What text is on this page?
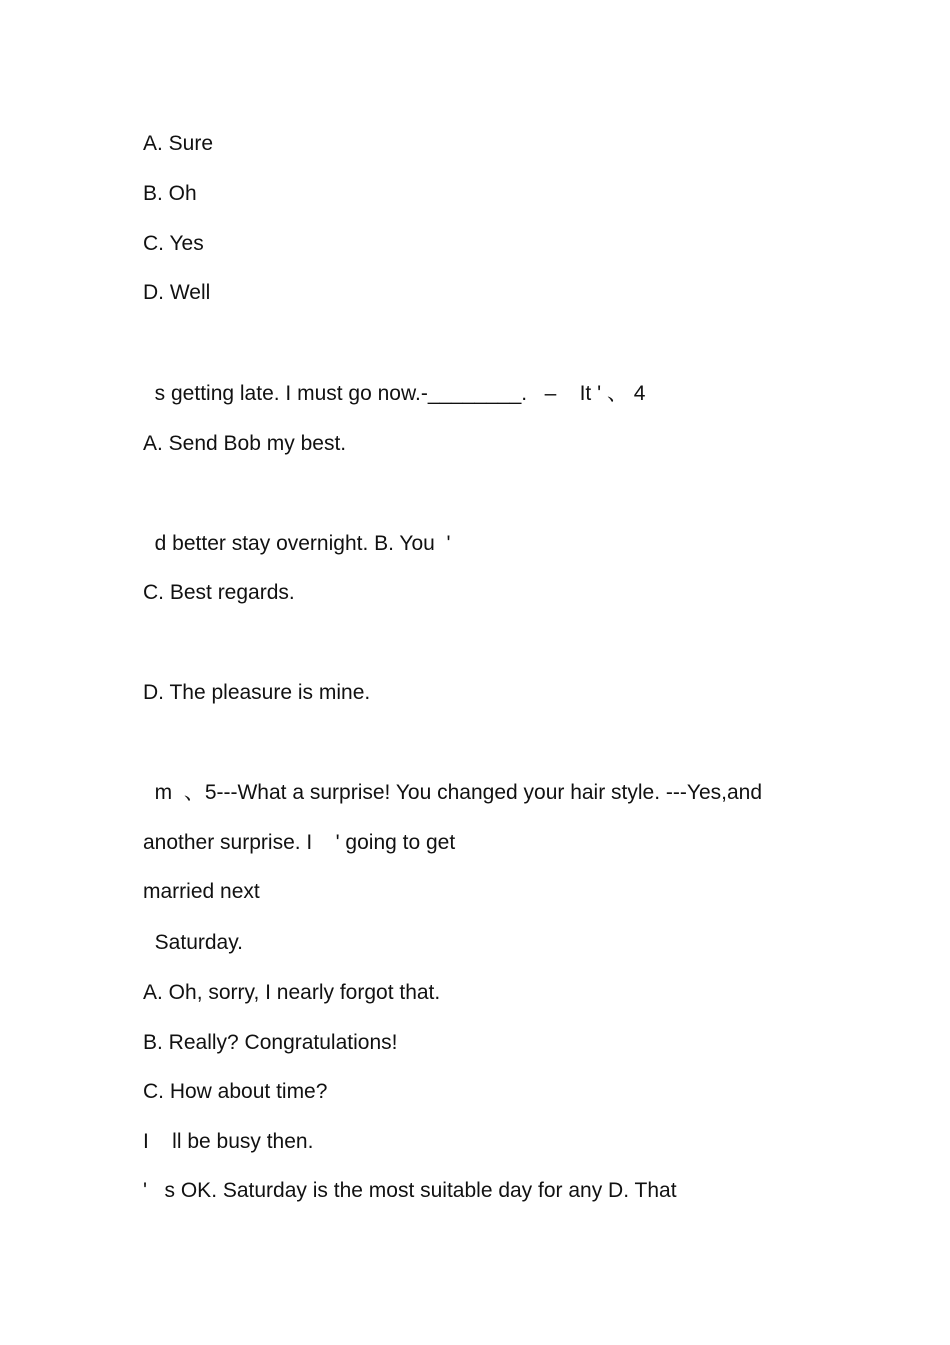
A. Sure
B. Oh
C. Yes
D. Well
s getting late. I must go now.-________.   –    It ' 、 4
A. Send Bob my best.
d better stay overnight. B. You  '
C. Best regards.
D. The pleasure is mine.
m  、5---What a surprise! You changed your hair style. ---Yes,and
another surprise. I    ' going to get
married next
Saturday.
A. Oh, sorry, I nearly forgot that.
B. Really? Congratulations!
C. How about time?
I    ll be busy then.
'   s OK. Saturday is the most suitable day for any D. That
